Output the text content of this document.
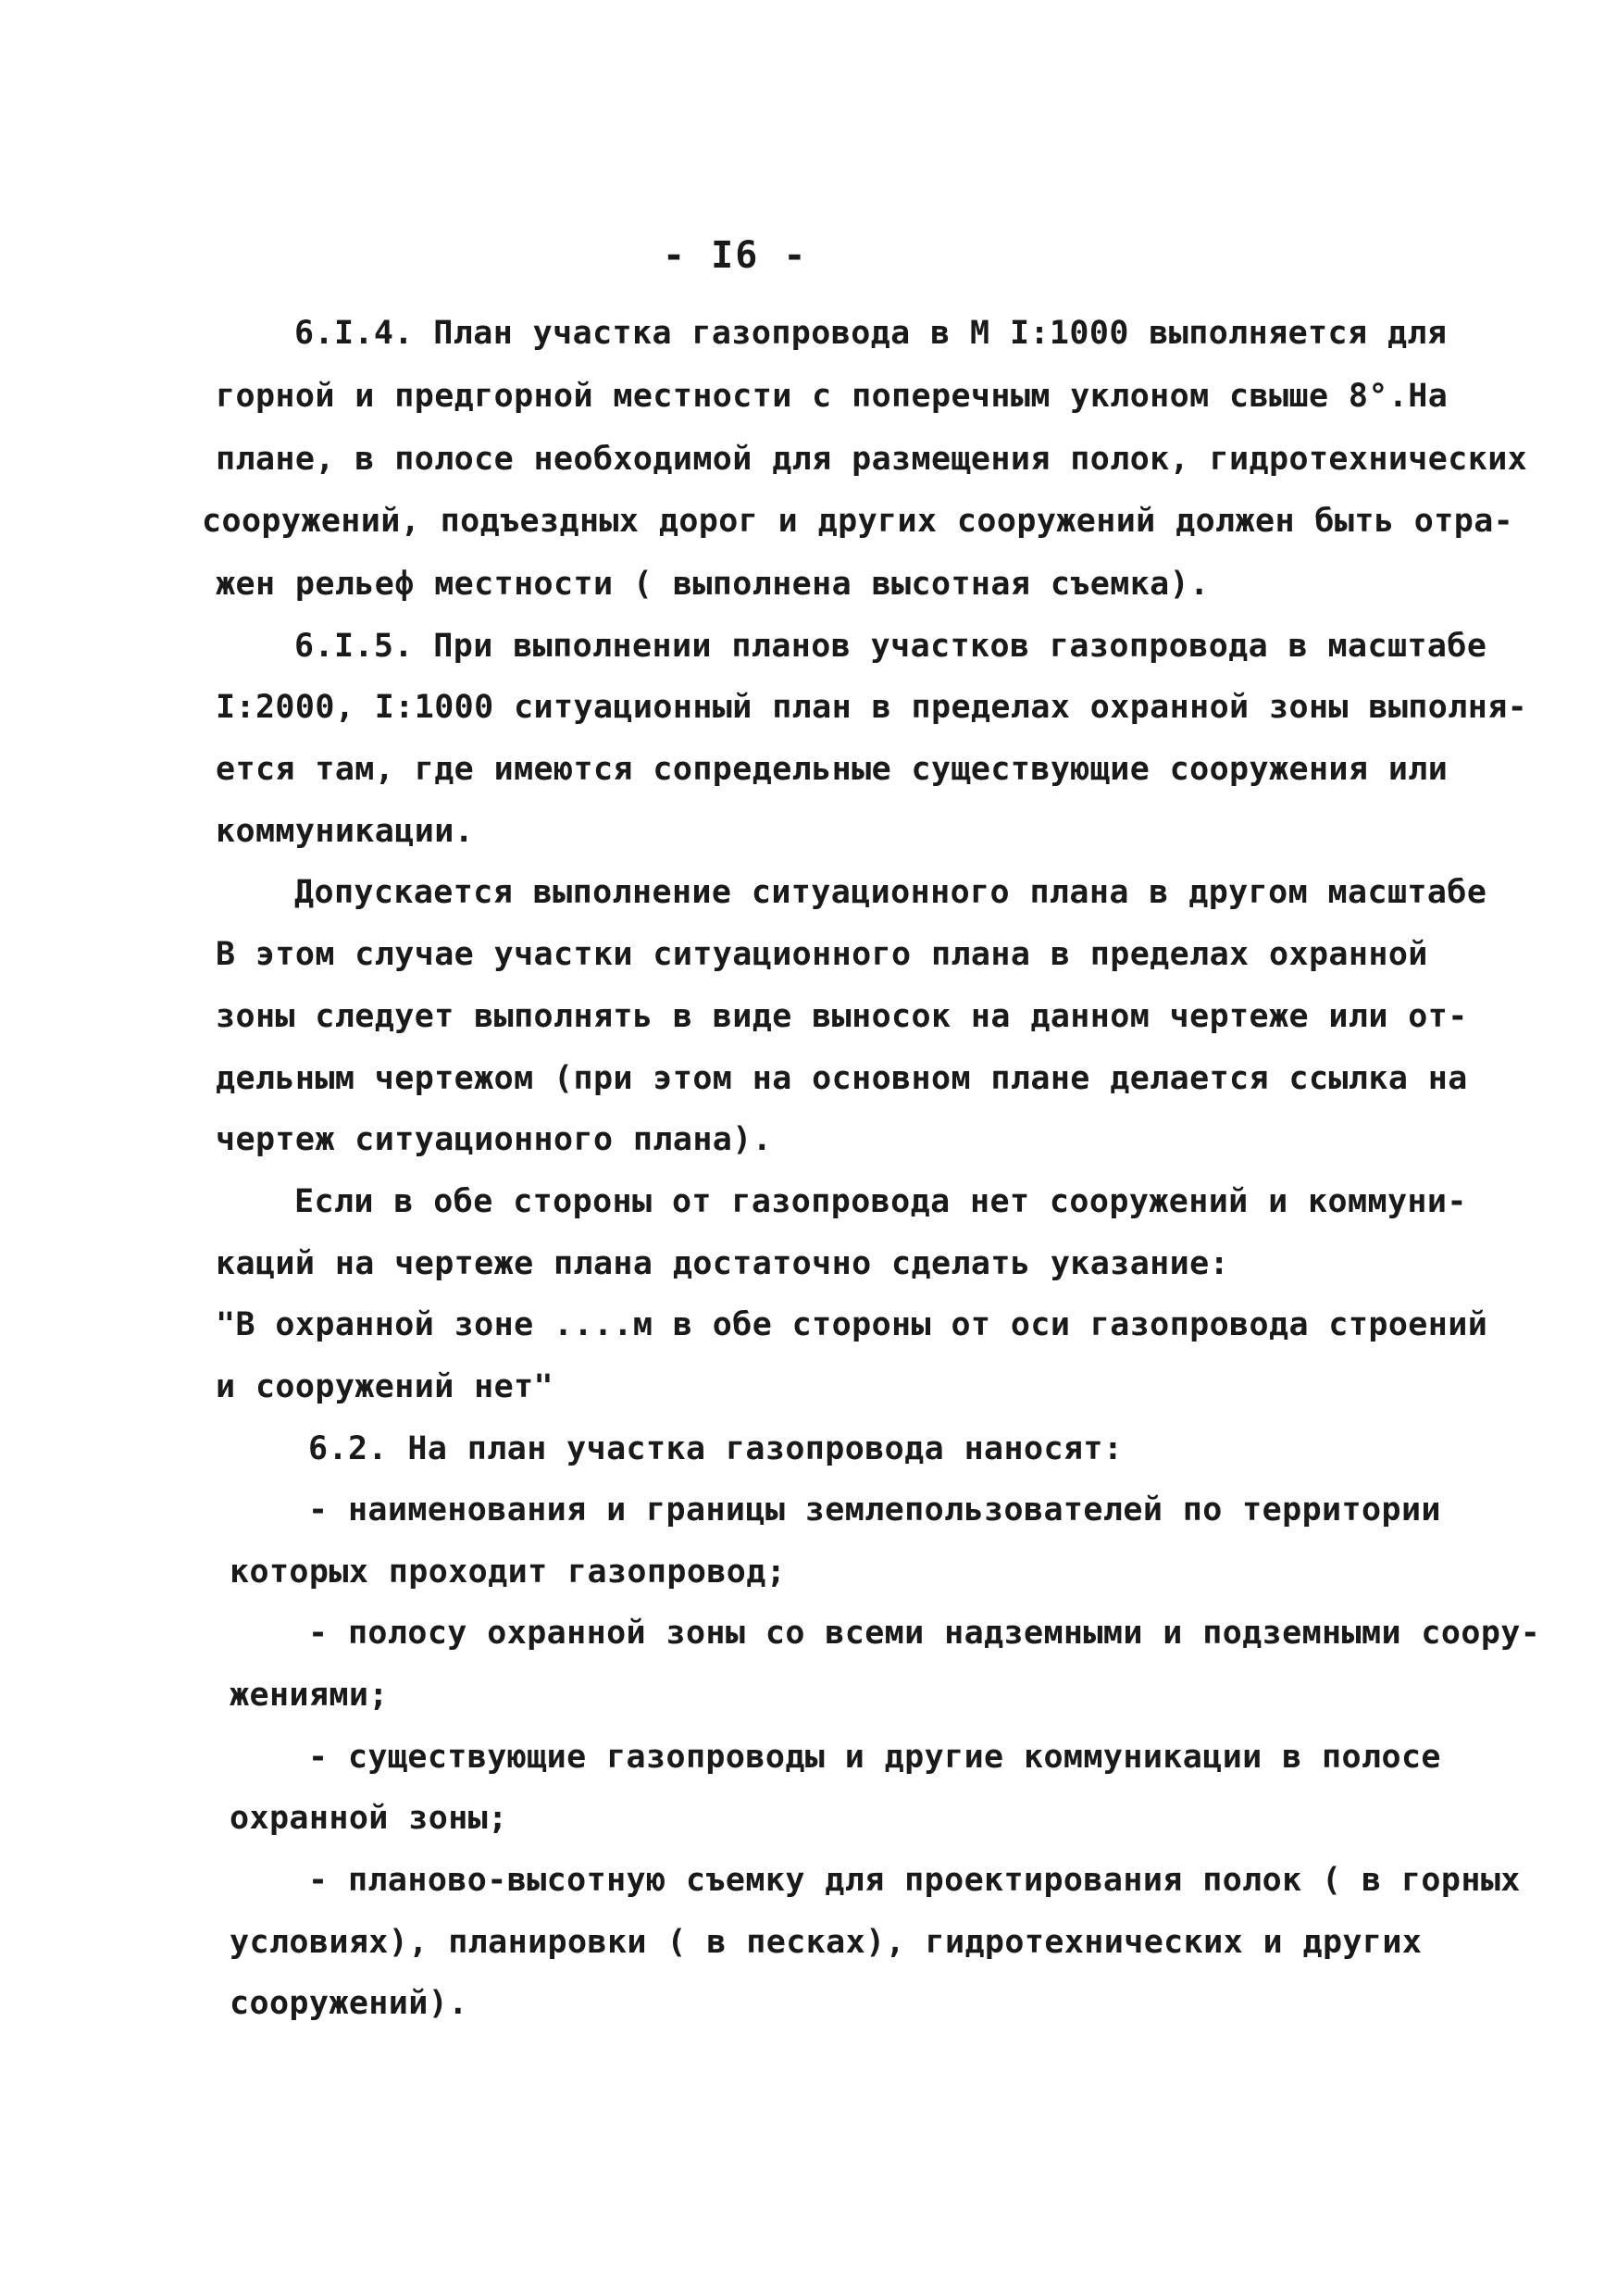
- I6 -
6.I.4. План участка газопровода в М I:1000 выполняется для
горной и предгорной местности с поперечным уклоном свыше 8°.На
плане, в полосе необходимой для размещения полок, гидротехнических
сооружений, подъездных дорог и других сооружений должен быть отра-
жен рельеф местности ( выполнена высотная съемка).
6.I.5. При выполнении планов участков газопровода в масштабе
I:2000, I:1000 ситуационный план в пределах охранной зоны выполня-
ется там, где имеются сопредельные существующие сооружения или
коммуникации.
Допускается выполнение ситуационного плана в другом масштабе
В этом случае участки ситуационного плана в пределах охранной
зоны следует выполнять в виде выносок на данном чертеже или от-
дельным чертежом (при этом на основном плане делается ссылка на
чертеж ситуационного плана).
Если в обе стороны от газопровода нет сооружений и коммуни-
каций на чертеже плана достаточно сделать указание:
"В охранной зоне ....м в обе стороны от оси газопровода строений
и сооружений нет"
6.2. На план участка газопровода наносят:
- наименования и границы землепользователей по территории
которых проходит газопровод;
- полосу охранной зоны со всеми надземными и подземными соору-
жениями;
- существующие газопроводы и другие коммуникации в полосе
охранной зоны;
- планово-высотную съемку для проектирования полок ( в горных
условиях), планировки ( в песках), гидротехнических и других
сооружений).
